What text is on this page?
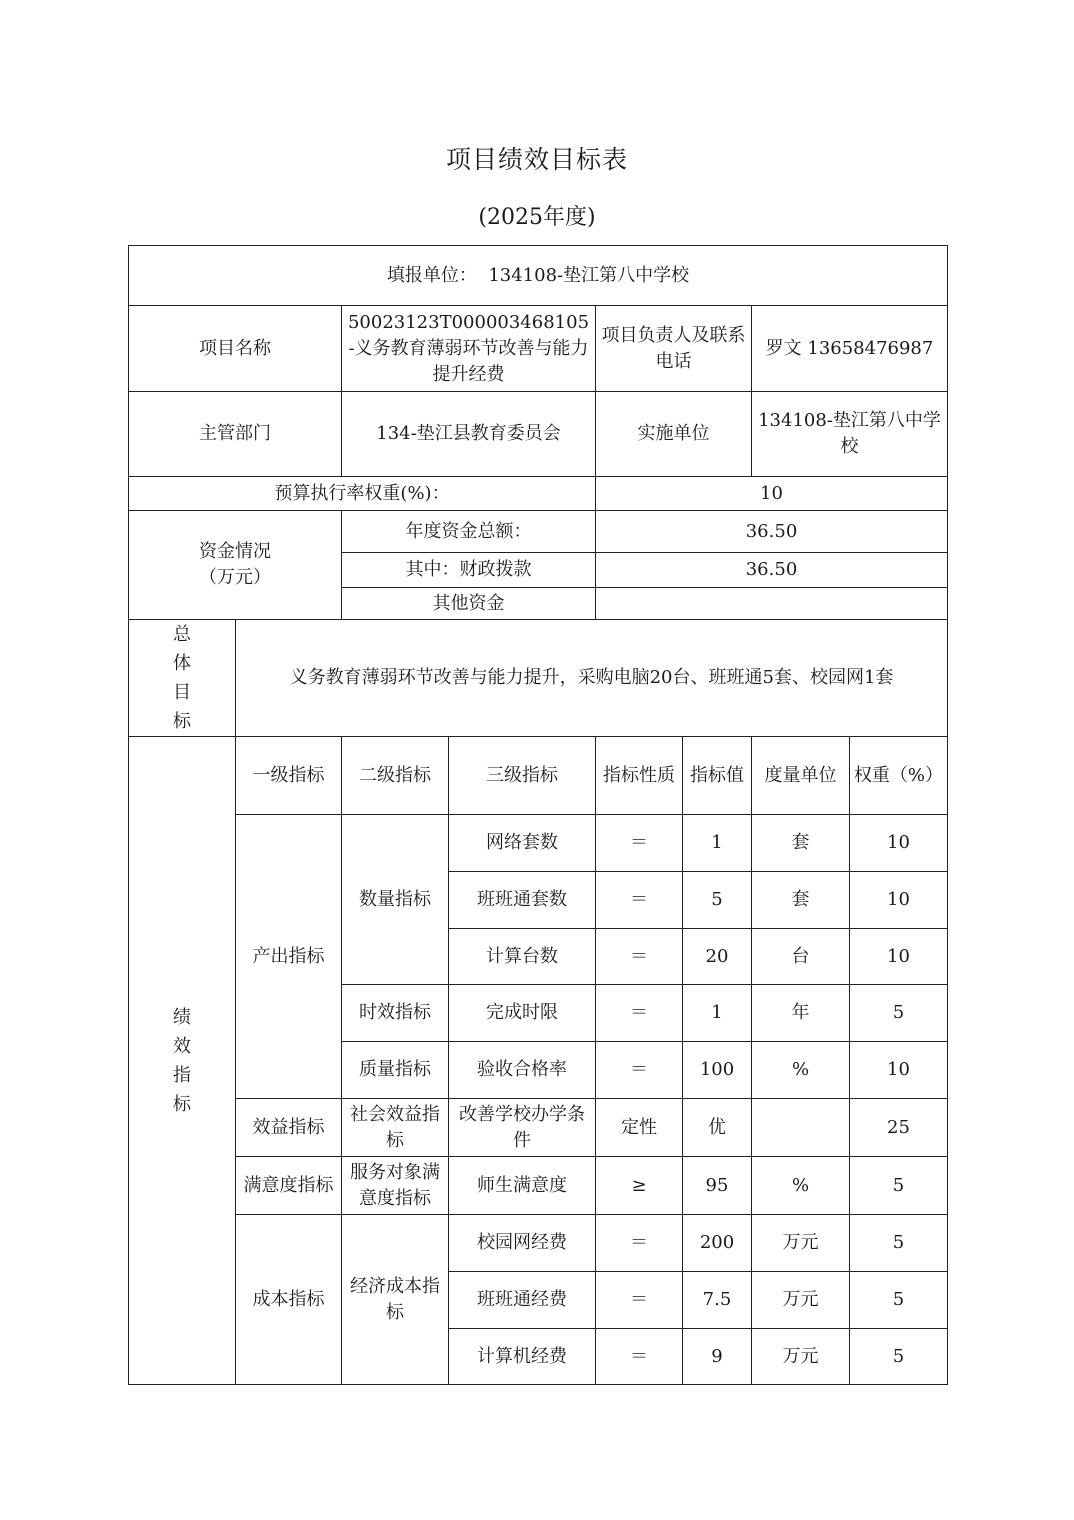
项目绩效目标表
(2025年度)
填报单位： 134108-垫江第八中学校							
项目名称		50023123T000003468105-义务教育薄弱环节改善与能力提升经费		项目负责人及联系电话		罗文 13658476987	
主管部门		134-垫江县教育委员会		实施单位		134108-垫江第八中学校	
预算执行率权重(%)：				10			

资金情况
（万元）		年度资金总额：		36.50			
		其中：财政拨款		36.50			
		其他资金					
总体目标	义务教育薄弱环节改善与能力提升，采购电脑20台、班班通5套、校园网1套						
绩效指标	一级指标	二级指标	三级指标	指标性质	指标值	度量单位	权重（%）
	产出指标	数量指标	网络套数	＝	1	套	10
			班班通套数	＝	5	套	10
			计算台数	＝	20	台	10
		时效指标	完成时限	＝	1	年	5
		质量指标	验收合格率	＝	100	%	10
	效益指标	社会效益指标	改善学校办学条件	定性	优		25
	满意度指标	服务对象满意度指标	师生满意度	≥	95	%	5
	成本指标	经济成本指标	校园网经费	＝	200	万元	5
			班班通经费	＝	7.5	万元	5
			计算机经费	＝	9	万元	5
